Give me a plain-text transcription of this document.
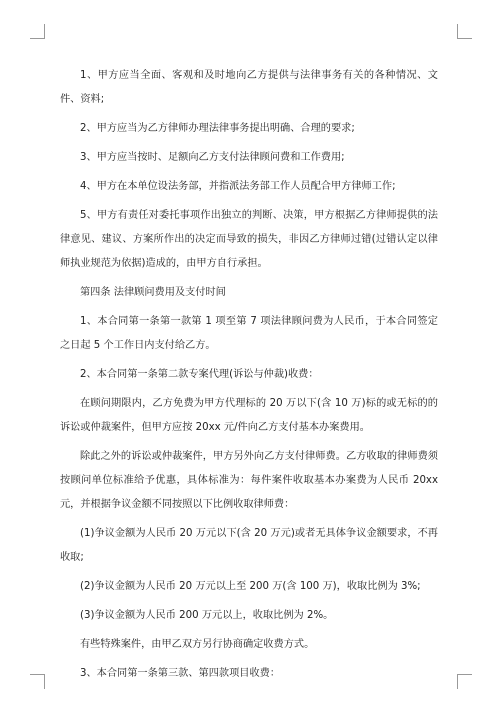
1、甲方应当全面、客观和及时地向乙方提供与法律事务有关的各种情况、文件、资料;

2、甲方应当为乙方律师办理法律事务提出明确、合理的要求;

3、甲方应当按时、足额向乙方支付法律顾问费和工作费用;

4、甲方在本单位设法务部，并指派法务部工作人员配合甲方律师工作;

5、甲方有责任对委托事项作出独立的判断、决策，甲方根据乙方律师提供的法律意见、建议、方案所作出的决定而导致的损失，非因乙方律师过错(过错认定以律师执业规范为依据)造成的，由甲方自行承担。

第四条 法律顾问费用及支付时间

1、本合同第一条第一款第 1 项至第 7 项法律顾问费为人民币，于本合同签定之日起 5 个工作日内支付给乙方。

2、本合同第一条第二款专案代理(诉讼与仲裁)收费：

在顾问期限内，乙方免费为甲方代理标的 20 万以下(含 10 万)标的或无标的的诉讼或仲裁案件，但甲方应按 20xx 元/件向乙方支付基本办案费用。

除此之外的诉讼或仲裁案件，甲方另外向乙方支付律师费。乙方收取的律师费须按顾问单位标准给予优惠，具体标准为：每件案件收取基本办案费为人民币 20xx 元，并根据争议金额不同按照以下比例收取律师费：

(1)争议金额为人民币 20 万元以下(含 20 万元)或者无具体争议金额要求，不再收取;

(2)争议金额为人民币 20 万元以上至 200 万(含 100 万)，收取比例为 3%;

(3)争议金额为人民币 200 万元以上，收取比例为 2%。

有些特殊案件，由甲乙双方另行协商确定收费方式。

3、本合同第一条第三款、第四款项目收费：
